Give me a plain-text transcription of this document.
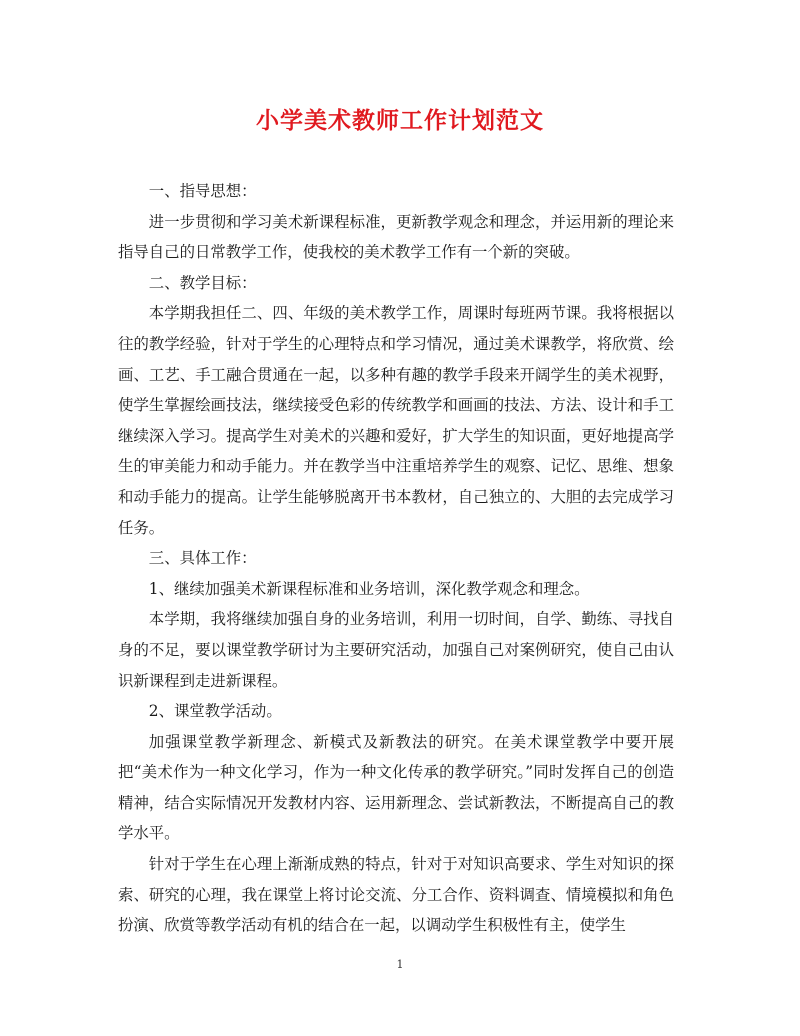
小学美术教师工作计划范文

一、指导思想：

进一步贯彻和学习美术新课程标准，更新教学观念和理念，并运用新的理论来指导自己的日常教学工作，使我校的美术教学工作有一个新的突破。

二、教学目标：

本学期我担任二、四、年级的美术教学工作，周课时每班两节课。我将根据以往的教学经验，针对于学生的心理特点和学习情况，通过美术课教学，将欣赏、绘画、工艺、手工融合贯通在一起，以多种有趣的教学手段来开阔学生的美术视野，使学生掌握绘画技法，继续接受色彩的传统教学和画画的技法、方法、设计和手工继续深入学习。提高学生对美术的兴趣和爱好，扩大学生的知识面，更好地提高学生的审美能力和动手能力。并在教学当中注重培养学生的观察、记忆、思维、想象和动手能力的提高。让学生能够脱离开书本教材，自己独立的、大胆的去完成学习任务。

三、具体工作：

1、继续加强美术新课程标准和业务培训，深化教学观念和理念。

本学期，我将继续加强自身的业务培训，利用一切时间，自学、勤练、寻找自身的不足，要以课堂教学研讨为主要研究活动，加强自己对案例研究，使自己由认识新课程到走进新课程。

2、课堂教学活动。

加强课堂教学新理念、新模式及新教法的研究。在美术课堂教学中要开展把“美术作为一种文化学习，作为一种文化传承的教学研究。”同时发挥自己的创造精神，结合实际情况开发教材内容、运用新理念、尝试新教法，不断提高自己的教学水平。

针对于学生在心理上渐渐成熟的特点，针对于对知识高要求、学生对知识的探索、研究的心理，我在课堂上将讨论交流、分工合作、资料调查、情境模拟和角色扮演、欣赏等教学活动有机的结合在一起，以调动学生积极性有主，使学生

1
